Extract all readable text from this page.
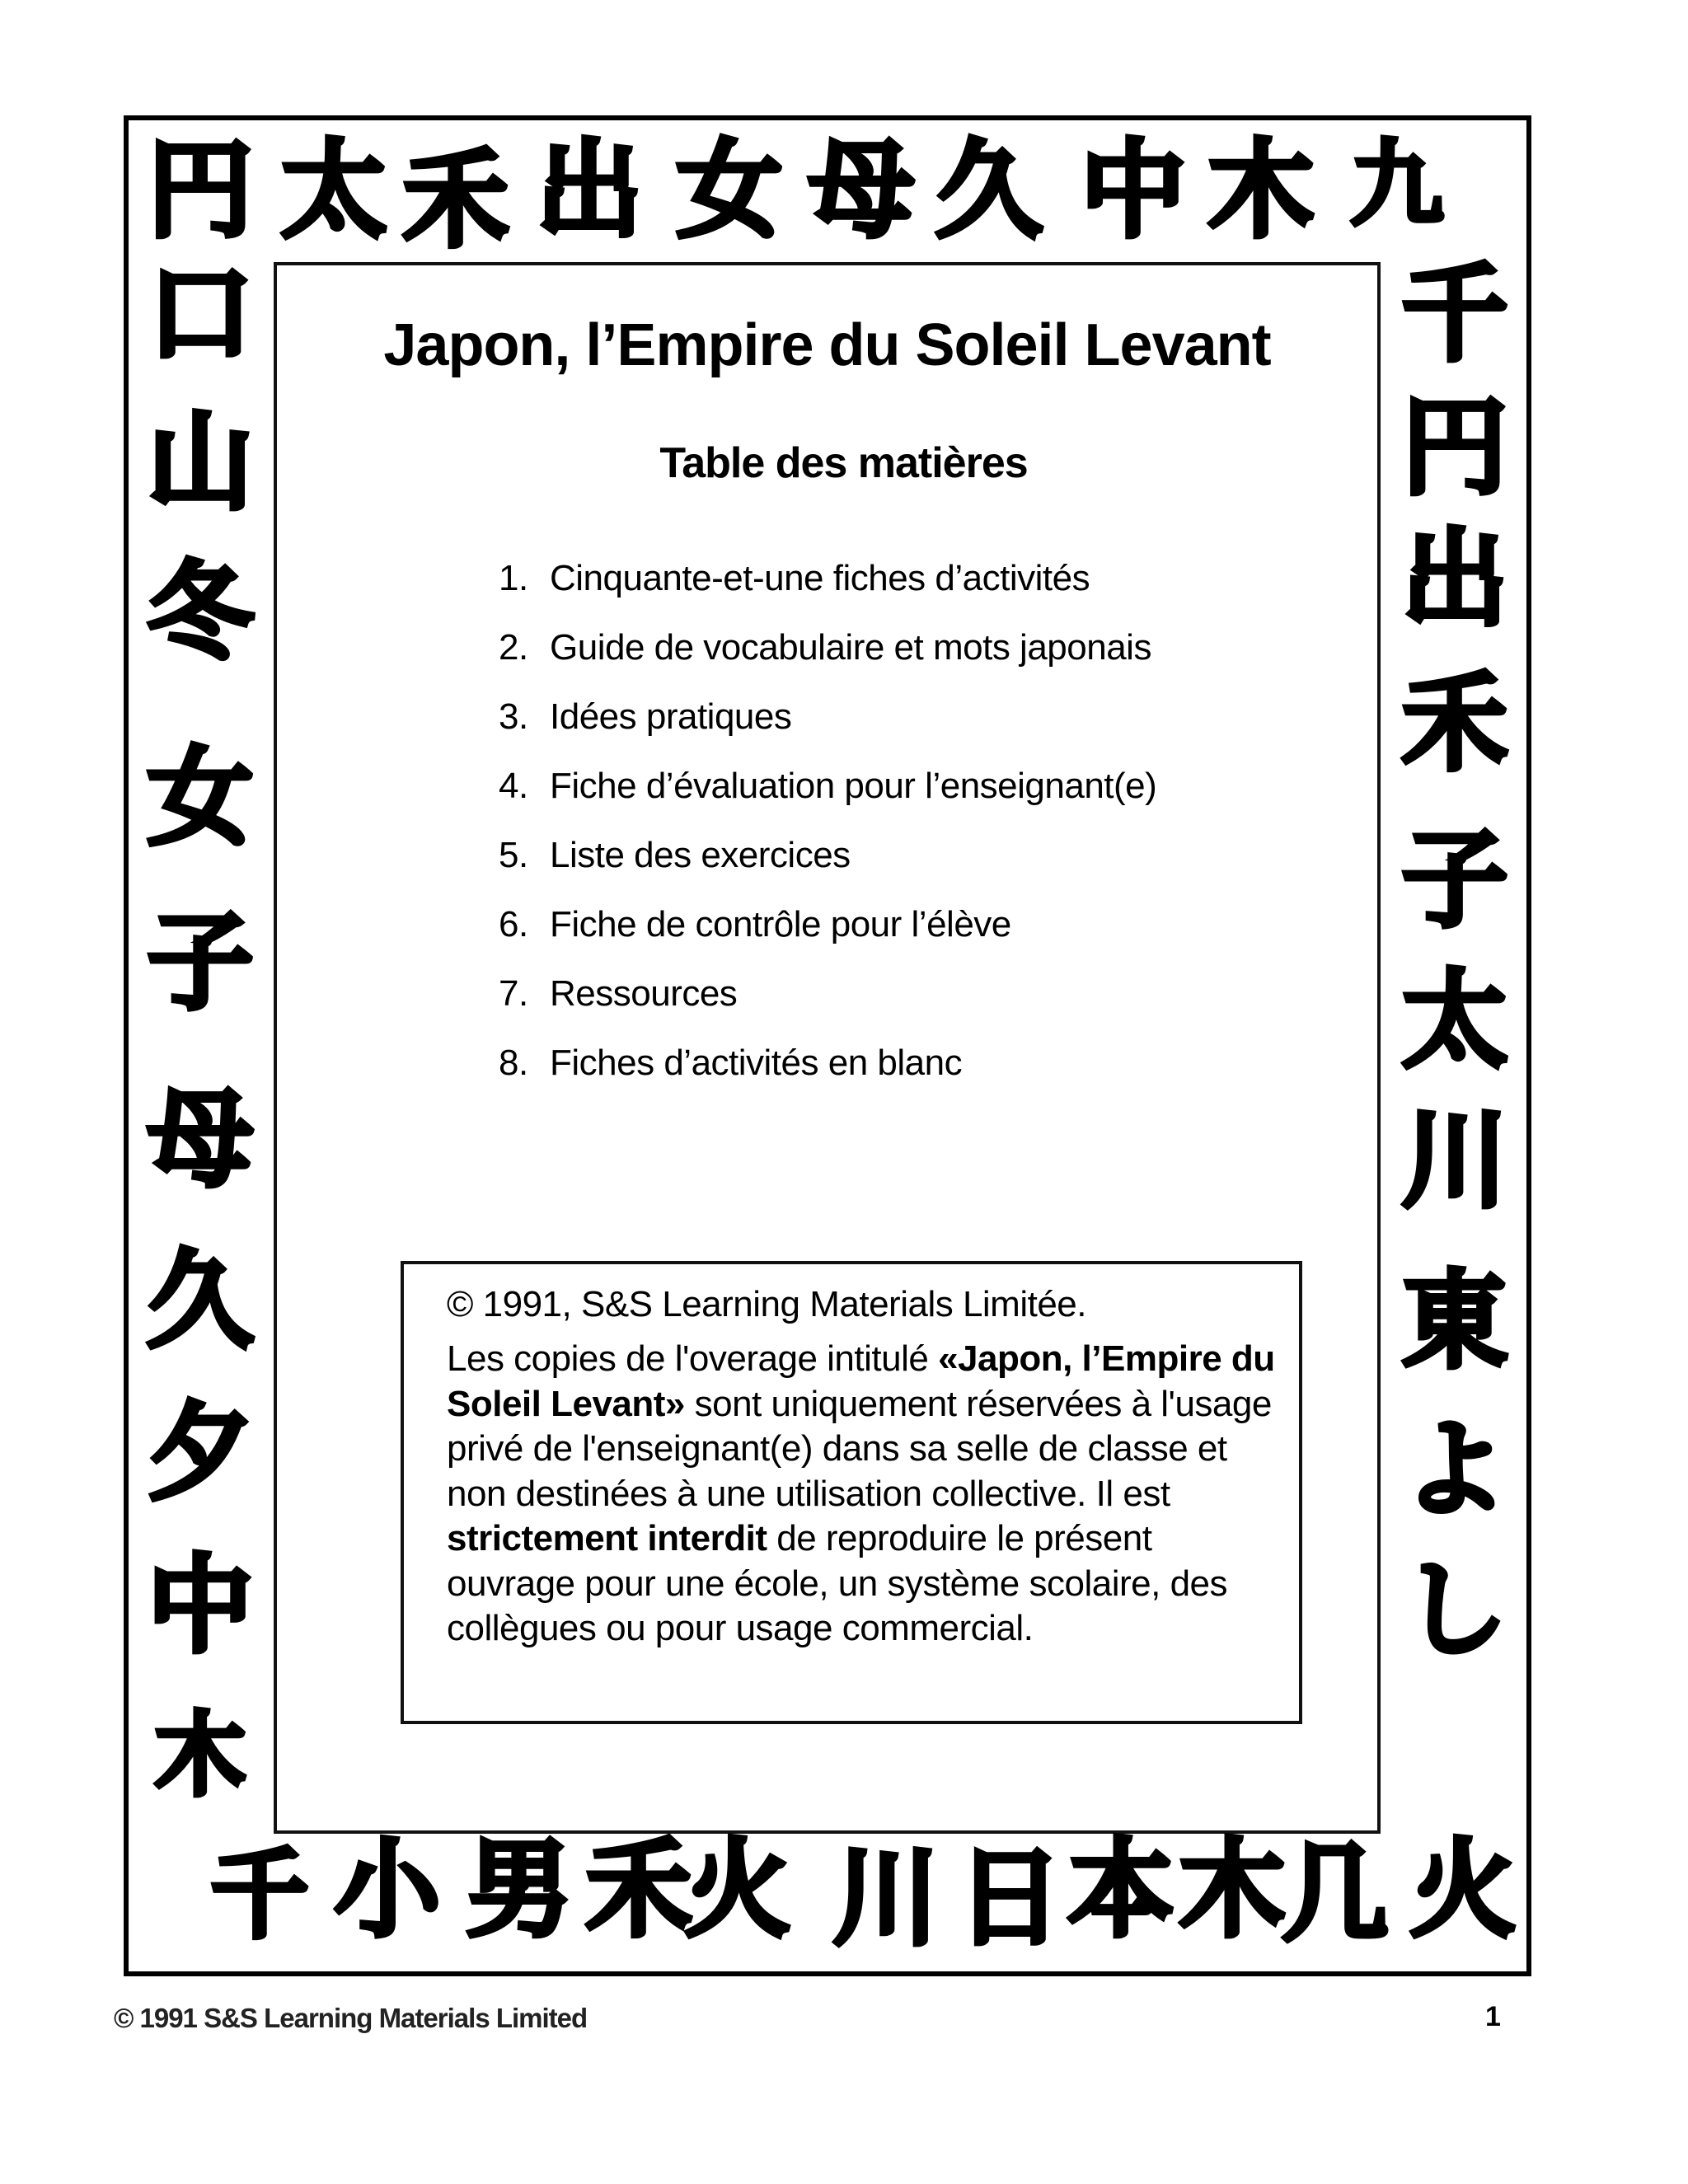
円 太 禾 出 女 母 久 中 木 九
口
山
冬
女
子
母
久
夕
中
木
千
円
出
禾
子
太
川
東
よ
し
千 小 男 禾
火 川 日 本 木
几 火
Japon, l’Empire du Soleil Levant
Table des matières
1. Cinquante-et-une fiches d’activités
2. Guide de vocabulaire et mots japonais
3. Idées pratiques
4. Fiche d’évaluation pour l’enseignant(e)
5. Liste des exercices
6. Fiche de contrôle pour l’élève
7. Ressources
8. Fiches d’activités en blanc
© 1991, S&S Learning Materials Limitée.
Les copies de l'overage intitulé «Japon, l’Empire du Soleil Levant» sont uniquement réservées à l'usage privé de l'enseignant(e) dans sa selle de classe et non destinées à une utilisation collective. Il est strictement interdit de reproduire le présent ouvrage pour une école, un système scolaire, des collègues ou pour usage commercial.
© 1991 S&S Learning Materials Limited	1
